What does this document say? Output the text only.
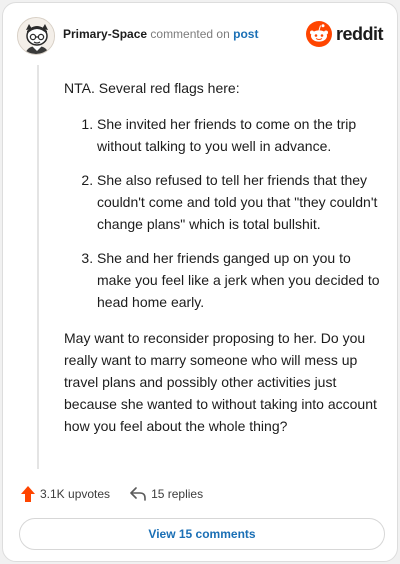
Primary-Space commented on post	reddit

NTA. Several red flags here:

1. She invited her friends to come on the trip without talking to you well in advance.
2. She also refused to tell her friends that they couldn't come and told you that "they couldn't change plans" which is total bullshit.
3. She and her friends ganged up on you to make you feel like a jerk when you decided to head home early.

May want to reconsider proposing to her. Do you really want to marry someone who will mess up travel plans and possibly other activities just because she wanted to without taking into account how you feel about the whole thing?

3.1K upvotes	15 replies
View 15 comments
